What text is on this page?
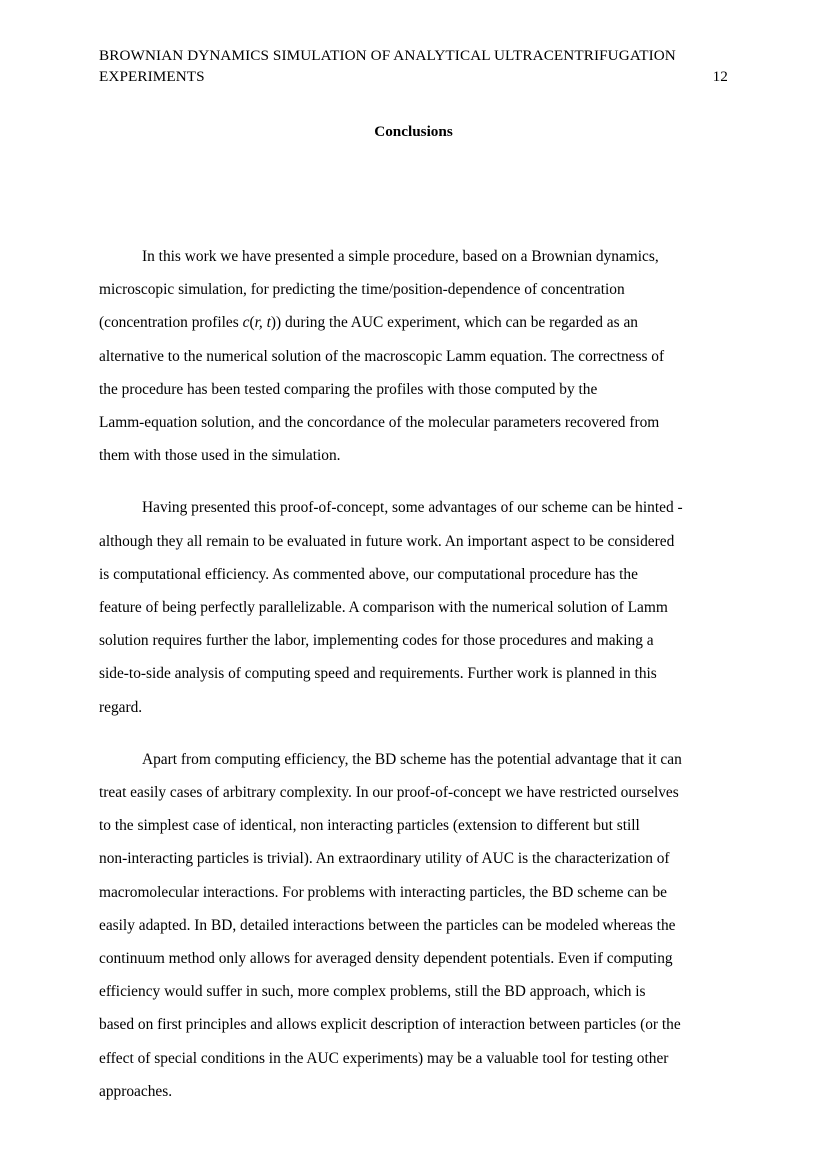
BROWNIAN DYNAMICS SIMULATION OF ANALYTICAL ULTRACENTRIFUGATION
EXPERIMENTS	12
Conclusions

In this work we have presented a simple procedure, based on a Brownian dynamics,
microscopic simulation, for predicting the time/position-dependence of concentration
(concentration profiles c(r, t)) during the AUC experiment, which can be regarded as an
alternative to the numerical solution of the macroscopic Lamm equation. The correctness of
the procedure has been tested comparing the profiles with those computed by the
Lamm-equation solution, and the concordance of the molecular parameters recovered from
them with those used in the simulation.

Having presented this proof-of-concept, some advantages of our scheme can be hinted -
although they all remain to be evaluated in future work. An important aspect to be considered
is computational efficiency. As commented above, our computational procedure has the
feature of being perfectly parallelizable. A comparison with the numerical solution of Lamm
solution requires further the labor, implementing codes for those procedures and making a
side-to-side analysis of computing speed and requirements. Further work is planned in this
regard.

Apart from computing efficiency, the BD scheme has the potential advantage that it can
treat easily cases of arbitrary complexity. In our proof-of-concept we have restricted ourselves
to the simplest case of identical, non interacting particles (extension to different but still
non-interacting particles is trivial). An extraordinary utility of AUC is the characterization of
macromolecular interactions. For problems with interacting particles, the BD scheme can be
easily adapted. In BD, detailed interactions between the particles can be modeled whereas the
continuum method only allows for averaged density dependent potentials. Even if computing
efficiency would suffer in such, more complex problems, still the BD approach, which is
based on first principles and allows explicit description of interaction between particles (or the
effect of special conditions in the AUC experiments) may be a valuable tool for testing other
approaches.
